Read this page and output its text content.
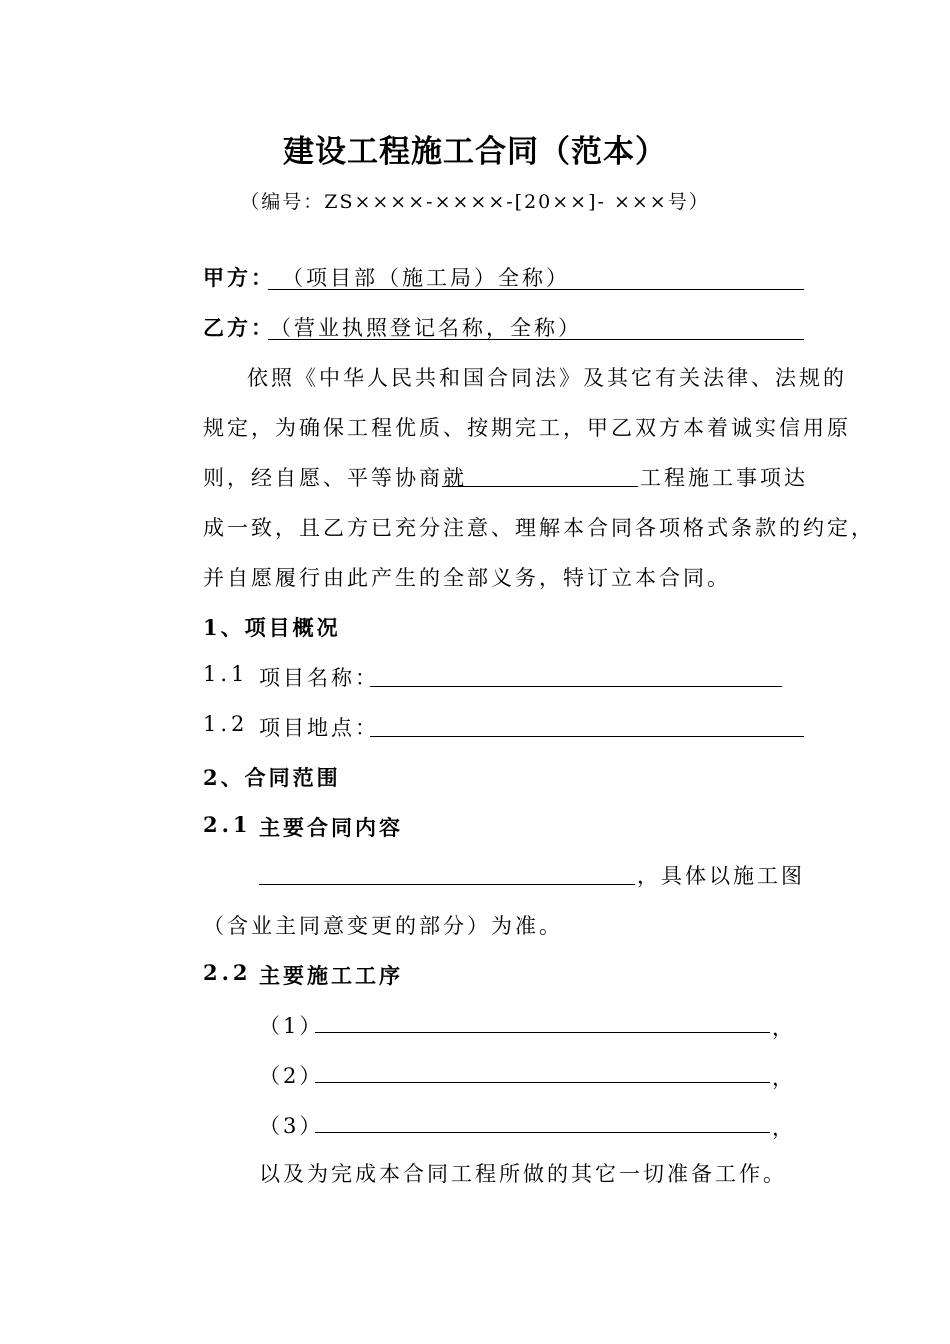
建设工程施工合同（范本）
（编号：ZS××××-××××-[20××]- ×××号）
甲方： （项目部（施工局）全称）
乙方：
（营业执照登记名称，全称）
依照《中华人民共和国合同法》及其它有关法律、法规的
规定，为确保工程优质、按期完工，甲乙双方本着诚实信用原
则，经自愿、平等协商就	工程施工事项达
成一致，且乙方已充分注意、理解本合同各项格式条款的约定，
并自愿履行由此产生的全部义务，特订立本合同。
1、项目概况
1.1 项目名称：
1.2 项目地点：
2、合同范围
2.1 主要合同内容
，具体以施工图
（含业主同意变更的部分）为准。
2.2 主要施工工序
（1）	，
（2）	，
（3）	，
以及为完成本合同工程所做的其它一切准备工作。
